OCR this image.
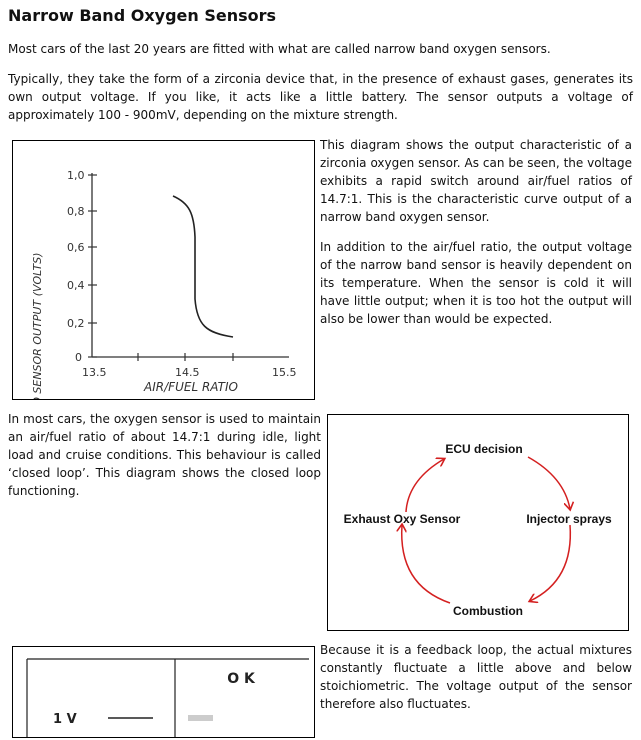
Narrow Band Oxygen Sensors

Most cars of the last 20 years are fitted with what are called narrow band oxygen sensors.

Typically, they take the form of a zirconia device that, in the presence of exhaust gases, generates its own output voltage. If you like, it acts like a little battery. The sensor outputs a voltage of approximately 100 - 900mV, depending on the mixture strength.

HEGO SENSOR OUTPUT (VOLTS)	0
0,2
0,4
0,6
0,8
1,0
13.5	14.5	15.5
AIR/FUEL RATIO

This diagram shows the output characteristic of a zirconia oxygen sensor. As can be seen, the voltage exhibits a rapid switch around air/fuel ratios of 14.7:1. This is the characteristic curve output of a narrow band oxygen sensor.

In addition to the air/fuel ratio, the output voltage of the narrow band sensor is heavily dependent on its temperature. When the sensor is cold it will have little output; when it is too hot the output will also be lower than would be expected.

In most cars, the oxygen sensor is used to maintain an air/fuel ratio of about 14.7:1 during idle, light load and cruise conditions. This behaviour is called ‘closed loop’. This diagram shows the closed loop functioning.

ECU decision
Exhaust Oxy Sensor	Injector sprays
Combustion
O K
1 V

Because it is a feedback loop, the actual mixtures constantly fluctuate a little above and below stoichiometric. The voltage output of the sensor therefore also fluctuates.
